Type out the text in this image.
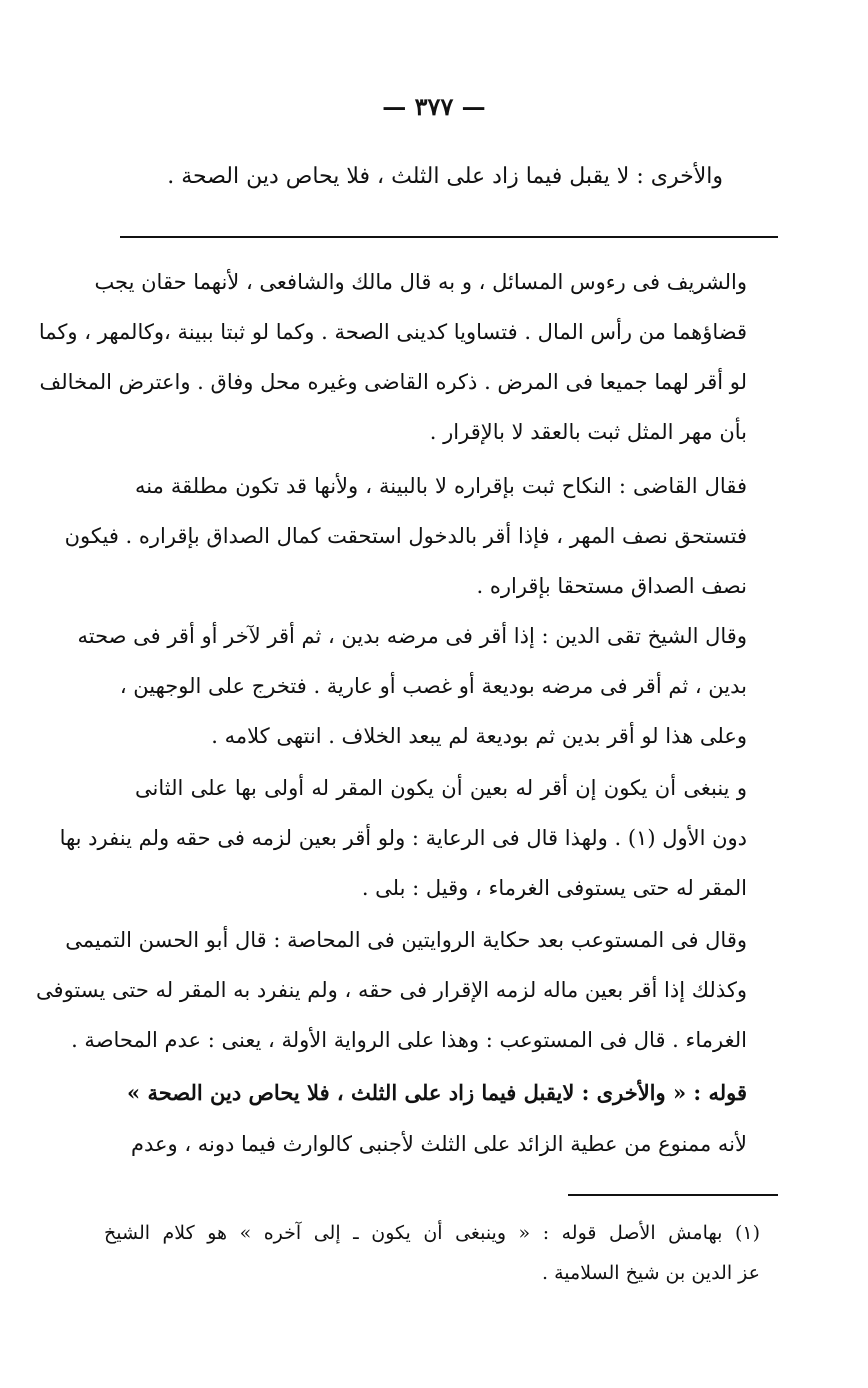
— ٣٧٧ —
والأخرى : لا يقبل فيما زاد على الثلث ، فلا يحاص دين الصحة .
والشريف فى رءوس المسائل ، و به قال مالك والشافعى ، لأنهما حقان يجب
قضاؤهما من رأس المال . فتساويا كدينى الصحة . وكما لو ثبتا ببينة ،وكالمهر ، وكما
لو أقر لهما جميعا فى المرض . ذكره القاضى وغيره محل وفاق . واعترض المخالف
بأن مهر المثل ثبت بالعقد لا بالإقرار .
فقال القاضى : النكاح ثبت بإقراره لا بالبينة ، ولأنها قد تكون مطلقة منه
فتستحق نصف المهر ، فإذا أقر بالدخول استحقت كمال الصداق بإقراره . فيكون
نصف الصداق مستحقا بإقراره .
وقال الشيخ تقى الدين : إذا أقر فى مرضه بدين ، ثم أقر لآخر أو أقر فى صحته
بدين ، ثم أقر فى مرضه بوديعة أو غصب أو عارية . فتخرج على الوجهين ،
وعلى هذا لو أقر بدين ثم بوديعة لم يبعد الخلاف . انتهى كلامه .
و ينبغى أن يكون إن أقر له بعين أن يكون المقر له أولى بها على الثانى
دون الأول (١) . ولهذا قال فى الرعاية : ولو أقر بعين لزمه فى حقه ولم ينفرد بها
المقر له حتى يستوفى الغرماء ، وقيل : بلى .
وقال فى المستوعب بعد حكاية الروايتين فى المحاصة : قال أبو الحسن التميمى
وكذلك إذا أقر بعين ماله لزمه الإقرار فى حقه ، ولم ينفرد به المقر له حتى يستوفى
الغرماء . قال فى المستوعب : وهذا على الرواية الأولة ، يعنى : عدم المحاصة .
قوله : « والأخرى : لايقبل فيما زاد على الثلث ، فلا يحاص دين الصحة »
لأنه ممنوع من عطية الزائد على الثلث لأجنبى كالوارث فيما دونه ، وعدم
(١) بهامش الأصل قوله : « وينبغى أن يكون ـ إلى آخره » هو كلام الشيخ
عز الدين بن شيخ السلامية .
